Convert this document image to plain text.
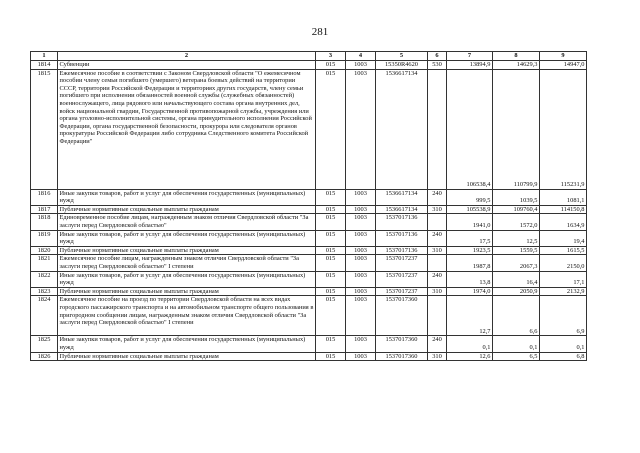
281
1	2	3	4	5	6	7	8	9
1814	Субвенции	015	1003	15350R4620	530	13894,9	14629,3	14947,0
1815	Ежемесячное пособие в соответствии с Законом Свердловской области "О ежемесячном пособии члену семьи погибшего (умершего) ветерана боевых действий на территории СССР, территории Российской Федерации и территориях других государств, члену семьи погибшего при исполнении обязанностей военной службы (служебных обязанностей) военнослужащего, лица рядового или начальствующего состава органа внутренних дел, войск национальной гвардии, Государственной противопожарной службы, учреждения или органа уголовно-исполнительной системы, органа принудительного исполнения Российской Федерации, органа государственной безопасности, прокурора или следователя органов прокуратуры Российской Федерации либо сотрудника Следственного комитета Российской Федерации"	015	1003	1536617134		106538,4	110799,9	115231,9
1816	Иные закупки товаров, работ и услуг для обеспечения государственных (муниципальных) нужд	015	1003	1536617134	240	999,5	1039,5	1081,1
1817	Публичные нормативные социальные выплаты гражданам	015	1003	1536617134	310	105538,9	109760,4	114150,8
1818	Единовременное пособие лицам, награжденным знаком отличия Свердловской области "За заслуги перед Свердловской областью"	015	1003	1537017136		1941,0	1572,0	1634,9
1819	Иные закупки товаров, работ и услуг для обеспечения государственных (муниципальных) нужд	015	1003	1537017136	240	17,5	12,5	19,4
1820	Публичные нормативные социальные выплаты гражданам	015	1003	1537017136	310	1923,5	1559,5	1615,5
1821	Ежемесячное пособие лицам, награжденным знаком отличия Свердловской области "За заслуги перед Свердловской областью" I степени	015	1003	1537017237		1987,8	2067,3	2150,0
1822	Иные закупки товаров, работ и услуг для обеспечения государственных (муниципальных) нужд	015	1003	1537017237	240	13,8	16,4	17,1
1823	Публичные нормативные социальные выплаты гражданам	015	1003	1537017237	310	1974,0	2050,9	2132,9
1824	Ежемесячное пособие на проезд по территории Свердловской области на всех видах городского пассажирского транспорта и на автомобильном транспорте общего пользования в пригородном сообщении лицам, награжденным знаком отличия Свердловской области "За заслуги перед Свердловской областью" I степени	015	1003	1537017360		12,7	6,6	6,9
1825	Иные закупки товаров, работ и услуг для обеспечения государственных (муниципальных) нужд	015	1003	1537017360	240	0,1	0,1	0,1
1826	Публичные нормативные социальные выплаты гражданам	015	1003	1537017360	310	12,6	6,5	6,8
